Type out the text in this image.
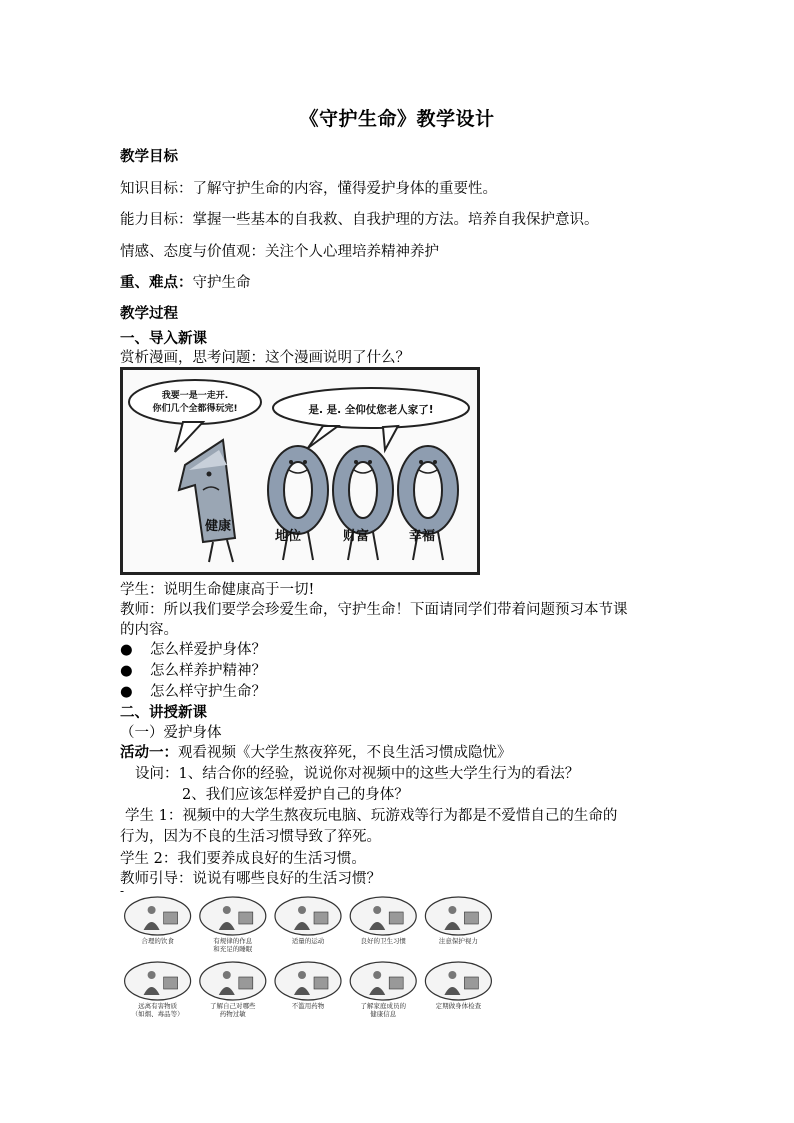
《守护生命》教学设计
教学目标
知识目标：了解守护生命的内容，懂得爱护身体的重要性。
能力目标：掌握一些基本的自我救、自我护理的方法。培养自我保护意识。
情感、态度与价值观：关注个人心理培养精神养护
重、难点：守护生命
教学过程
一、导入新课
赏析漫画，思考问题：这个漫画说明了什么？
我要一是一走开.
你们几个全都得玩完!	是. 是. 全仰仗您老人家了!
健康
地位	财富	幸福
学生：说明生命健康高于一切!
教师：所以我们要学会珍爱生命，守护生命！下面请同学们带着问题预习本节课
的内容。
● 怎么样爱护身体？
● 怎么样养护精神？
● 怎么样守护生命？
二、讲授新课
（一）爱护身体
活动一：观看视频《大学生熬夜猝死，不良生活习惯成隐忧》
设问：1、结合你的经验，说说你对视频中的这些大学生行为的看法？
2、我们应该怎样爱护自己的身体？
学生 1：视频中的大学生熬夜玩电脑、玩游戏等行为都是不爱惜自己的生命的
行为，因为不良的生活习惯导致了猝死。
学生 2：我们要养成良好的生活习惯。
教师引导：说说有哪些良好的生活习惯？
-
合理的饮食	有规律的作息
和充足的睡眠
适量的运动	良好的卫生习惯	注意保护视力
远离有害物质
（如烟、毒品等）
了解自己对哪些
药物过敏
不滥用药物	了解家庭成员的
健康信息
定期做身体检查
